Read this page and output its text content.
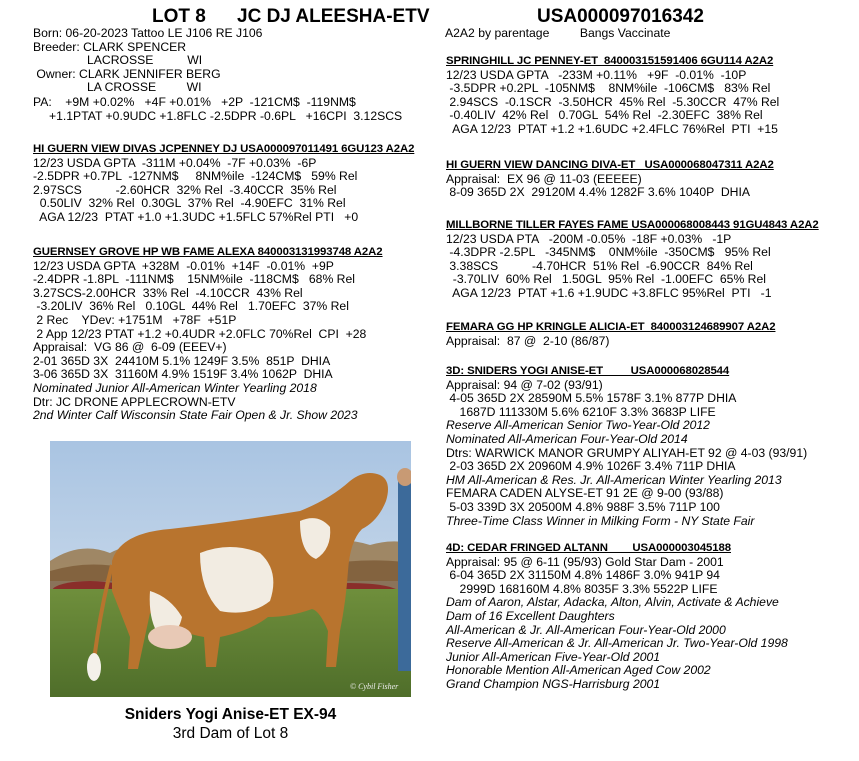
LOT 8 JC DJ ALEESHA-ETV	USA000097016342
Born: 06-20-2023 Tattoo LE J106 RE J106
Breeder: CLARK SPENCER
LACROSSE          WI
Owner: CLARK JENNIFER BERG
LA CROSSE         WI
PA:    +9M +0.02%   +4F +0.01%   +2P  -121CM$  -119NM$
+1.1PTAT +0.9UDC +1.8FLC -2.5DPR -0.6PL   +16CPI  3.12SCS
A2A2 by parentage         Bangs Vaccinate
HI GUERN VIEW DIVAS JCPENNEY DJ USA000097011491 6GU123 A2A2
12/23 USDA GPTA  -311M +0.04%  -7F +0.03%  -6P
-2.5DPR +0.7PL  -127NM$     8NM%ile  -124CM$   59% Rel
2.97SCS          -2.60HCR  32% Rel  -3.40CCR  35% Rel
0.50LIV  32% Rel  0.30GL  37% Rel  -4.90EFC  31% Rel
AGA 12/23  PTAT +1.0 +1.3UDC +1.5FLC 57%Rel PTI   +0
GUERNSEY GROVE HP WB FAME ALEXA 840003131993748 A2A2
12/23 USDA GPTA  +328M  -0.01%  +14F  -0.01%  +9P
-2.4DPR -1.8PL  -111NM$    15NM%ile  -118CM$   68% Rel
3.27SCS-2.00HCR  33% Rel  -4.10CCR  43% Rel
-3.20LIV  36% Rel   0.10GL  44% Rel   1.70EFC  37% Rel
2 Rec    YDev: +1751M   +78F  +51P
2 App 12/23 PTAT +1.2 +0.4UDR +2.0FLC 70%Rel  CPI  +28
Appraisal:  VG 86 @  6-09 (EEEV+)
2-01 365D 3X  24410M 5.1% 1249F 3.5%  851P  DHIA
3-06 365D 3X  31160M 4.9% 1519F 3.4% 1062P  DHIA
Nominated Junior All-American Winter Yearling 2018
Dtr: JC DRONE APPLECROWN-ETV
2nd Winter Calf Wisconsin State Fair Open & Jr. Show 2023
SPRINGHILL JC PENNEY-ET  840003151591406 6GU114 A2A2
12/23 USDA GPTA   -233M +0.11%   +9F  -0.01%  -10P
-3.5DPR +0.2PL  -105NM$    8NM%ile  -106CM$   83% Rel
2.94SCS  -0.1SCR  -3.50HCR  45% Rel  -5.30CCR  47% Rel
-0.40LIV  42% Rel   0.70GL  54% Rel  -2.30EFC  38% Rel
AGA 12/23  PTAT +1.2 +1.6UDC +2.4FLC 76%Rel  PTI  +15
HI GUERN VIEW DANCING DIVA-ET   USA000068047311 A2A2
Appraisal:  EX 96 @ 11-03 (EEEEE)
8-09 365D 2X  29120M 4.4% 1282F 3.6% 1040P  DHIA
MILLBORNE TILLER FAYES FAME USA000068008443 91GU4843 A2A2
12/23 USDA PTA   -200M -0.05%  -18F +0.03%   -1P
-4.3DPR -2.5PL   -345NM$    0NM%ile  -350CM$   95% Rel
3.38SCS          -4.70HCR  51% Rel  -6.90CCR  84% Rel
-3.70LIV  60% Rel   1.50GL  95% Rel  -1.00EFC  65% Rel
AGA 12/23  PTAT +1.6 +1.9UDC +3.8FLC 95%Rel  PTI   -1
FEMARA GG HP KRINGLE ALICIA-ET  840003124689907 A2A2
Appraisal:  87 @  2-10 (86/87)
3D: SNIDERS YOGI ANISE-ET         USA000068028544
Appraisal: 94 @ 7-02 (93/91)
4-05 365D 2X 28590M 5.5% 1578F 3.1% 877P DHIA
1687D 111330M 5.6% 6210F 3.3% 3683P LIFE
Reserve All-American Senior Two-Year-Old 2012
Nominated All-American Four-Year-Old 2014
Dtrs: WARWICK MANOR GRUMPY ALIYAH-ET 92 @ 4-03 (93/91)
2-03 365D 2X 20960M 4.9% 1026F 3.4% 711P DHIA
HM All-American & Res. Jr. All-American Winter Yearling 2013
FEMARA CADEN ALYSE-ET 91 2E @ 9-00 (93/88)
5-03 339D 3X 20500M 4.8% 988F 3.5% 711P 100
Three-Time Class Winner in Milking Form - NY State Fair
4D: CEDAR FRINGED ALTANN        USA000003045188
Appraisal: 95 @ 6-11 (95/93) Gold Star Dam - 2001
6-04 365D 2X 31150M 4.8% 1486F 3.0% 941P 94
2999D 168160M 4.8% 8035F 3.3% 5522P LIFE
Dam of Aaron, Alstar, Adacka, Alton, Alvin, Activate & Achieve
Dam of 16 Excellent Daughters
All-American & Jr. All-American Four-Year-Old 2000
Reserve All-American & Jr. All-American Jr. Two-Year-Old 1998
Junior All-American Five-Year-Old 2001
Honorable Mention All-American Aged Cow 2002
Grand Champion NGS-Harrisburg 2001
© Cybil Fisher
Sniders Yogi Anise-ET EX-94
3rd Dam of Lot 8
